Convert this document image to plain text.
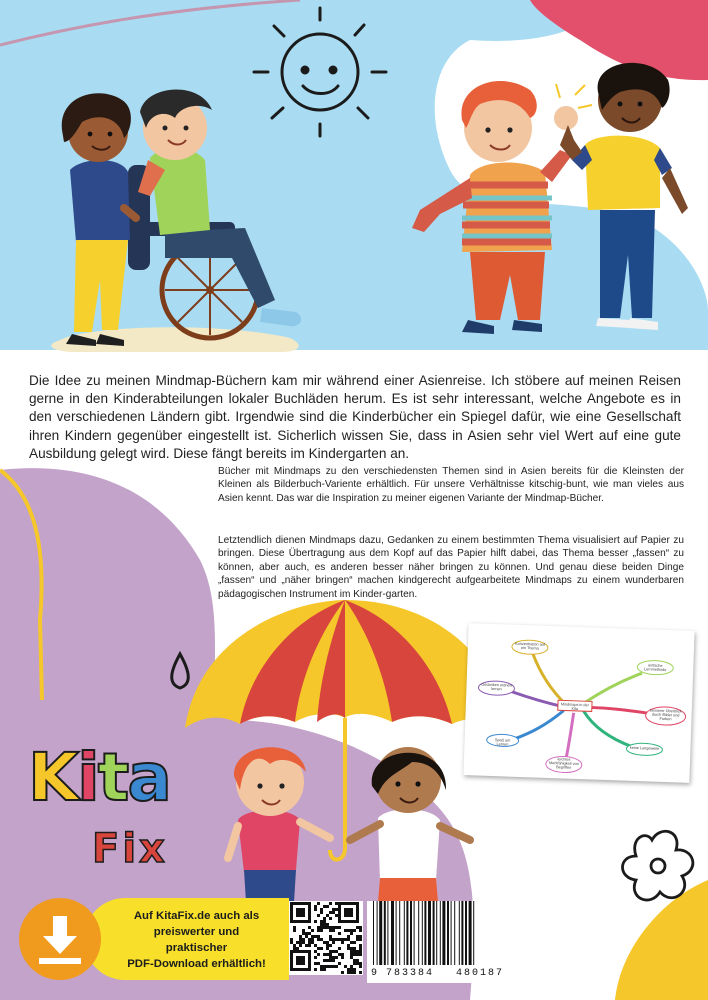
Die Idee zu meinen Mindmap-Büchern kam mir während einer Asienreise. Ich stöbere auf meinen Reisen gerne in den Kinderabteilungen lokaler Buchläden herum. Es ist sehr interessant, welche Angebote es in den verschiedenen Ländern gibt. Irgendwie sind die Kinderbücher ein Spiegel dafür, wie eine Gesellschaft ihren Kindern gegenüber eingestellt ist. Sicherlich wissen Sie, dass in Asien sehr viel Wert auf eine gute Ausbildung gelegt wird. Diese fängt bereits im Kindergarten an.

Bücher mit Mindmaps zu den verschiedensten Themen sind in Asien bereits für die Kleinsten der Kleinen als Bilderbuch-Variente erhältlich. Für unsere Verhältnisse kitschig-bunt, wie man vieles aus Asien kennt. Das war die Inspiration zu meiner eigenen Variante der Mindmap-Bücher.

Letztendlich dienen Mindmaps dazu, Gedanken zu einem bestimmten Thema visualisiert auf Papier zu bringen. Diese Übertragung aus dem Kopf auf das Papier hilft dabei, das Thema besser „fassen“ zu können, aber auch, es anderen besser näher bringen zu können. Und genau diese beiden Dinge „fassen“ und „näher bringen“ machen kindgerecht aufgearbeitete Mindmaps zu einem wunderbaren pädagogischen Instrument im Kinder-garten.

Mindmaps in der Kita
Konzentration auf ein Thema
einfache Lernmethode
Gedanken ordnen lernen
besserer Überblick durch Bilder und Farben
Spaß am Lernen
keine Langeweile
leichtes Merkfähigkeit von Begriffen
Kita
Fix
Auf KitaFix.de auch als
preiswerter und
praktischer
PDF-Download erhältlich!
9 783384 480187
